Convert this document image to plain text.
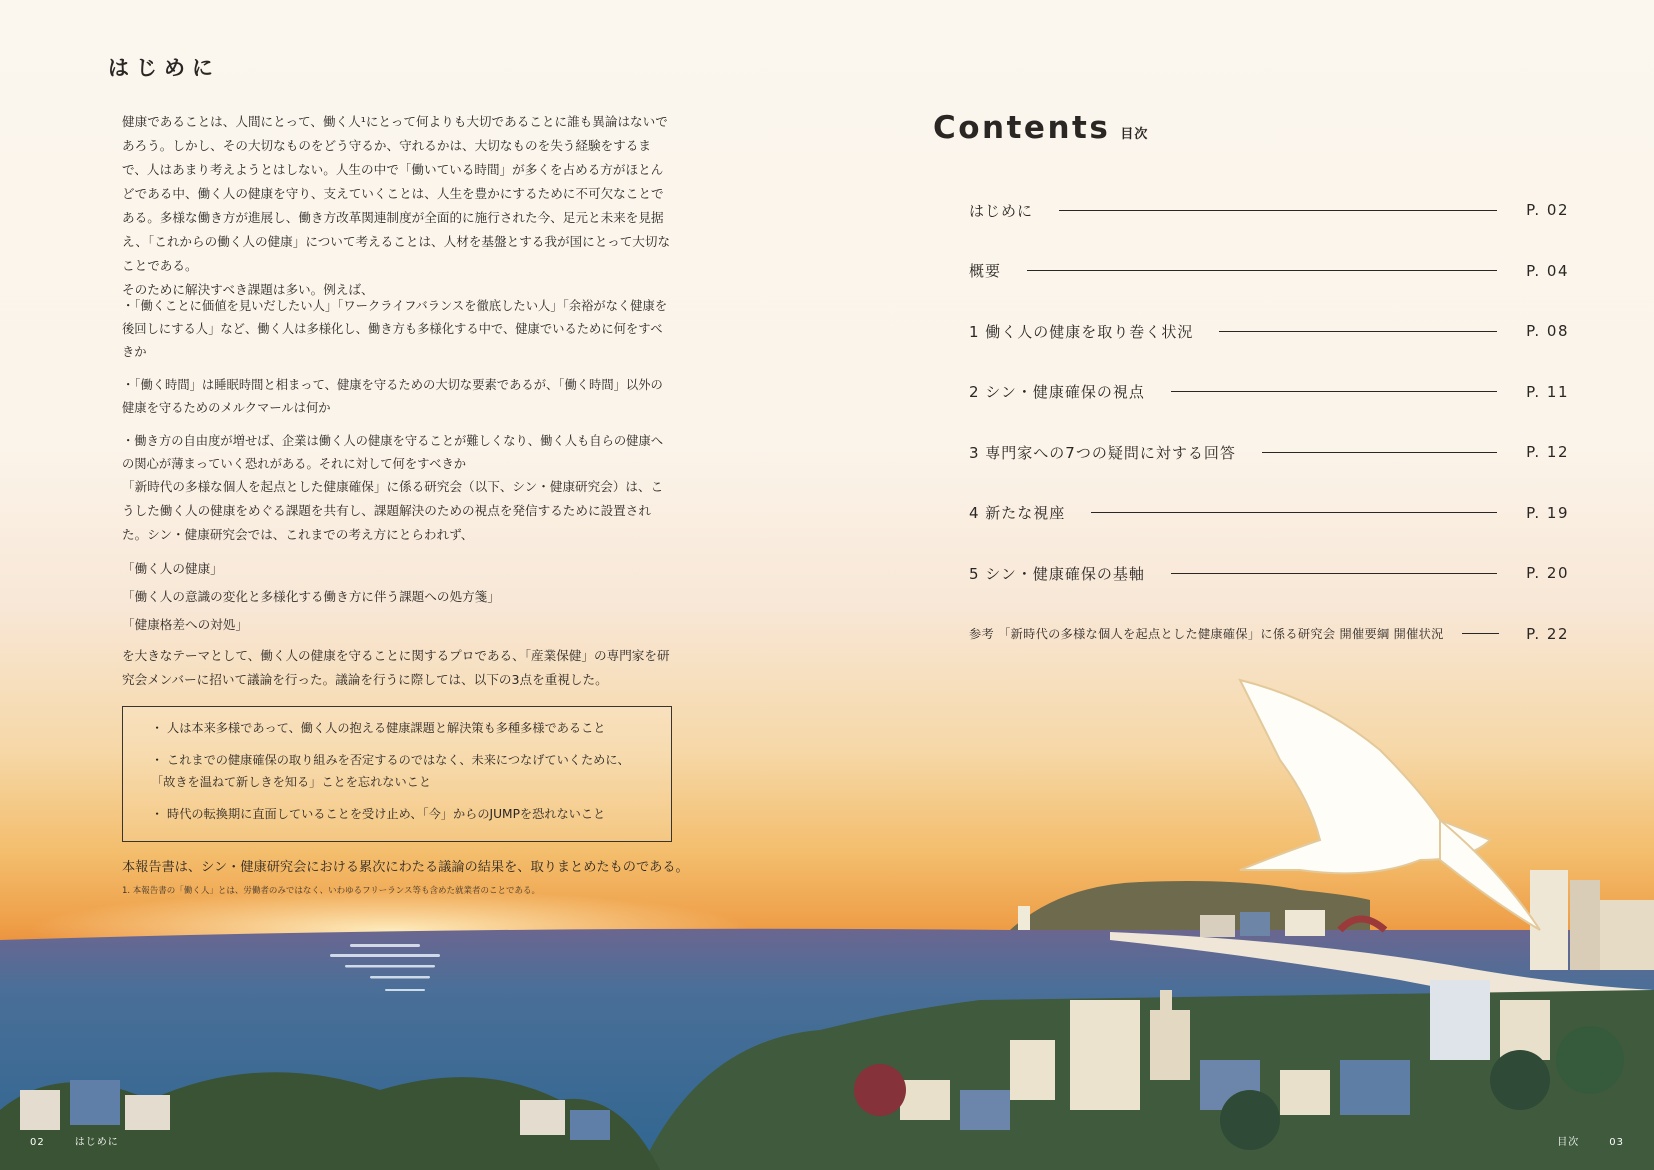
はじめに

健康であることは、人間にとって、働く人¹にとって何よりも大切であることに誰も異論はないであろう。しかし、その大切なものをどう守るか、守れるかは、大切なものを失う経験をするまで、人はあまり考えようとはしない。人生の中で「働いている時間」が多くを占める方がほとんどである中、働く人の健康を守り、支えていくことは、人生を豊かにするために不可欠なことである。多様な働き方が進展し、働き方改革関連制度が全面的に施行された今、足元と未来を見据え、「これからの働く人の健康」について考えることは、人材を基盤とする我が国にとって大切なことである。
そのために解決すべき課題は多い。例えば、

・「働くことに価値を見いだしたい人」「ワークライフバランスを徹底したい人」「余裕がなく健康を後回しにする人」など、働く人は多様化し、働き方も多様化する中で、健康でいるために何をすべきか
・「働く時間」は睡眠時間と相まって、健康を守るための大切な要素であるが、「働く時間」以外の健康を守るためのメルクマールは何か
・働き方の自由度が増せば、企業は働く人の健康を守ることが難しくなり、働く人も自らの健康への関心が薄まっていく恐れがある。それに対して何をすべきか

「新時代の多様な個人を起点とした健康確保」に係る研究会（以下、シン・健康研究会）は、こうした働く人の健康をめぐる課題を共有し、課題解決のための視点を発信するために設置された。シン・健康研究会では、これまでの考え方にとらわれず、

「働く人の健康」

「働く人の意識の変化と多様化する働き方に伴う課題への処方箋」

「健康格差への対処」

を大きなテーマとして、働く人の健康を守ることに関するプロである、「産業保健」の専門家を研究会メンバーに招いて議論を行った。議論を行うに際しては、以下の3点を重視した。

・ 人は本来多様であって、働く人の抱える健康課題と解決策も多種多様であること
・ これまでの健康確保の取り組みを否定するのではなく、未来につなげていくために、
「故きを温ねて新しきを知る」ことを忘れないこと
・ 時代の転換期に直面していることを受け止め、「今」からのJUMPを恐れないこと

本報告書は、シン・健康研究会における累次にわたる議論の結果を、取りまとめたものである。

1. 本報告書の「働く人」とは、労働者のみではなく、いわゆるフリーランス等も含めた就業者のことである。

02	はじめに
Contents 目次
はじめに	P. 02
概要	P. 04
1 働く人の健康を取り巻く状況	P. 08
2 シン・健康確保の視点	P. 11
3 専門家への7つの疑問に対する回答	P. 12
4 新たな視座	P. 19
5 シン・健康確保の基軸	P. 20
参考 「新時代の多様な個人を起点とした健康確保」に係る研究会 開催要綱 開催状況	P. 22
目次	03
